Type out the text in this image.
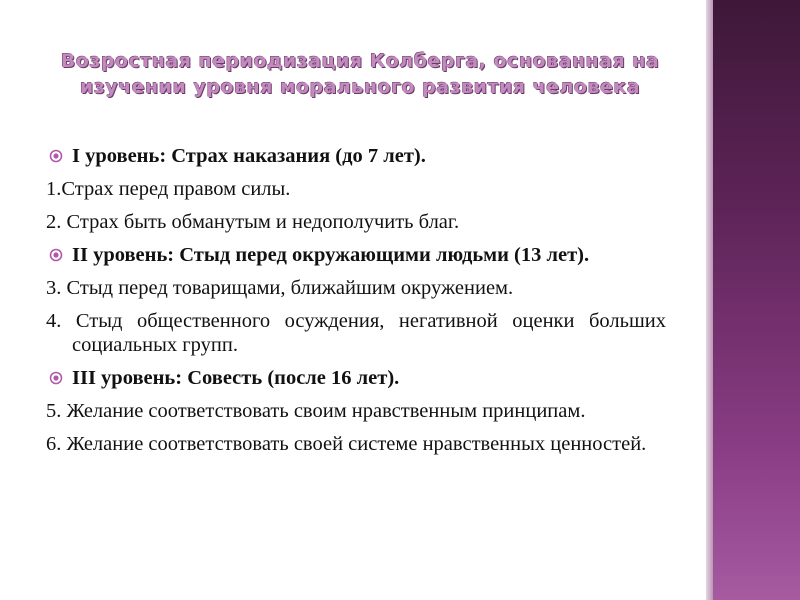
Возростная периодизация Колберга, основанная на
изучении уровня морального развития человека
I уровень: Страх наказания (до 7 лет).
1.Страх перед правом силы.
2. Страх быть обманутым и недополучить благ.
II уровень: Стыд перед окружающими людьми (13 лет).
3. Стыд перед товарищами, ближайшим окружением.
4. Стыд общественного осуждения, негативной оценки больших социальных групп.
III уровень: Совесть (после 16 лет).
5. Желание соответствовать своим нравственным принципам.
6. Желание соответствовать своей системе нравственных ценностей.
